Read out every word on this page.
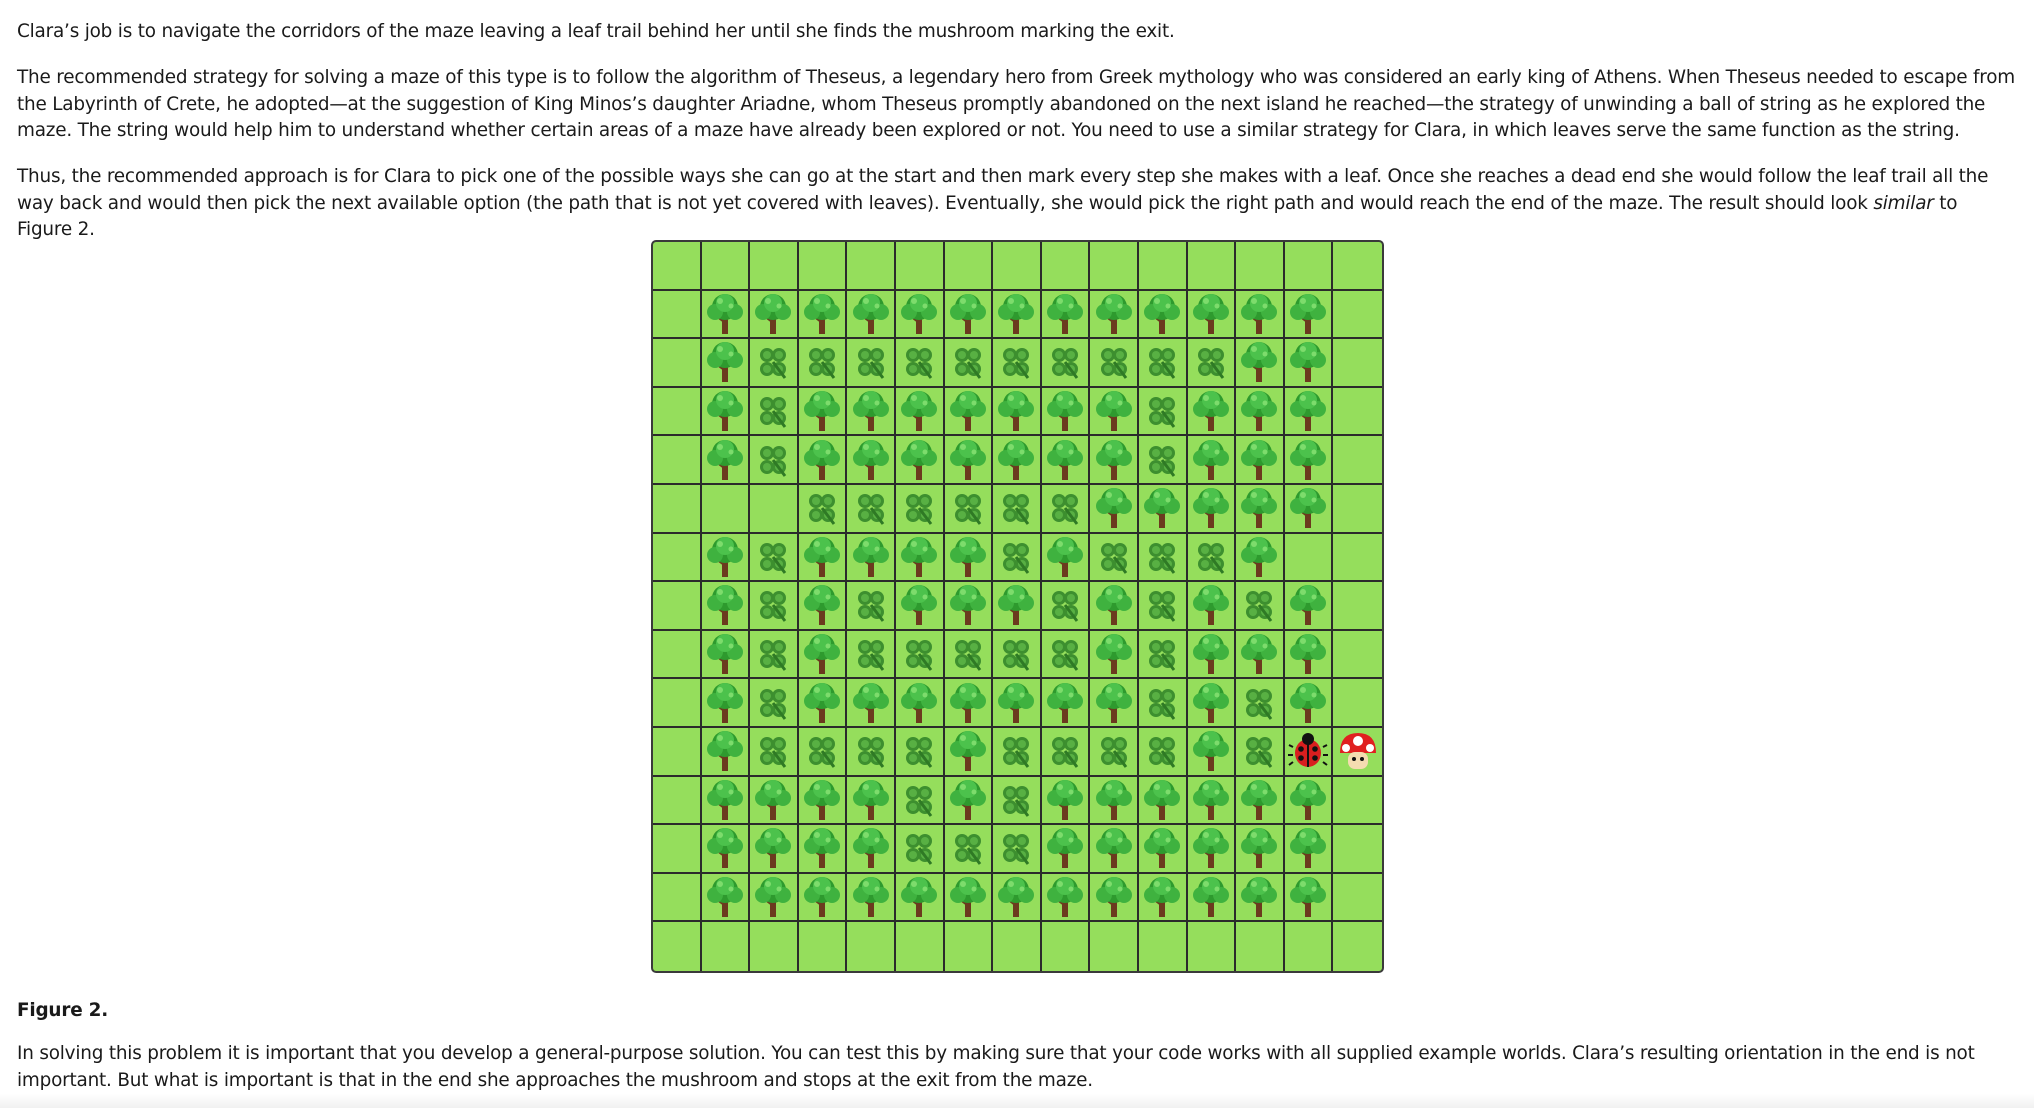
Clara’s job is to navigate the corridors of the maze leaving a leaf trail behind her until she finds the mushroom marking the exit.

The recommended strategy for solving a maze of this type is to follow the algorithm of Theseus, a legendary hero from Greek mythology who was considered an early king of Athens. When Theseus needed to escape from the Labyrinth of Crete, he adopted—at the suggestion of King Minos’s daughter Ariadne, whom Theseus promptly abandoned on the next island he reached—the strategy of unwinding a ball of string as he explored the maze. The string would help him to understand whether certain areas of a maze have already been explored or not. You need to use a similar strategy for Clara, in which leaves serve the same function as the string.

Thus, the recommended approach is for Clara to pick one of the possible ways she can go at the start and then mark every step she makes with a leaf. Once she reaches a dead end she would follow the leaf trail all the way back and would then pick the next available option (the path that is not yet covered with leaves). Eventually, she would pick the right path and would reach the end of the maze. The result should look similar to Figure 2.

Figure 2.

In solving this problem it is important that you develop a general-purpose solution. You can test this by making sure that your code works with all supplied example worlds. Clara’s resulting orientation in the end is not important. But what is important is that in the end she approaches the mushroom and stops at the exit from the maze.
